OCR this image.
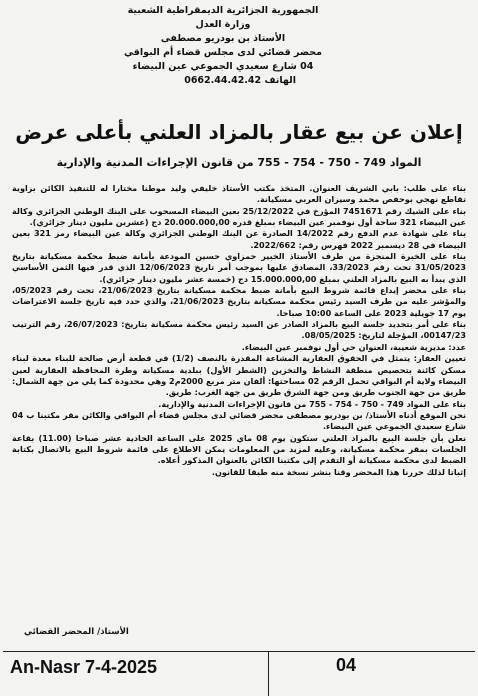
الجمهورية الجزائرية الديمقراطية الشعبية
وزارة العدل
الأستاذ بن بودريو مصطفى
محضر قضائي لدى مجلس قضاء أم البواقي
04 شارع سعيدي الجموعي عين البيضاء
الهاتف 0662.44.42.42
إعلان عن بيع عقار بالمزاد العلني بأعلى عرض
المواد 749 - 750 - 754 - 755 من قانون الإجراءات المدنية والإدارية

بناء على طلب: بابي الشريف العنوان. المتخذ مكتب الأستاذ خليفي وليد موطنا مختارا له للتنفيذ الكائن بزاوية تقاطع نهجي بوحفص محمد وسيزان العربي مسكيانة.

بناء على الشيك رقم 7451671 المؤرخ في 25/12/2022 بعين البيضاء المسحوب على البنك الوطني الجزائري وكالة عين البيضاء 321 ساحة أول نوفمبر عين البيضاء بمبلغ قدره 20.000.000,00 دج (عشرين مليون دينار جزائري).

بناء على شهادة عدم الدفع رقم 14/2022 الصادرة عن البنك الوطني الجزائري وكالة عين البيضاء رمز 321 بعين البيضاء في 28 ديسمبر 2022 فهرس رقم: 2022/662.

بناء على الخبرة المنجزة من طرف الأستاذ الخبير حمزاوي حسين المودعة بأمانة ضبط محكمة مسكيانة بتاريخ 31/05/2023 تحت رقم 33/2023، المصادق عليها بموجب أمر تاريخ 12/06/2023 الذي قدر فيها الثمن الأساسي الذي يبدأ به البيع بالمزاد العلني بمبلغ 15.000.000,00 دج (خمسة عشر مليون دينار جزائري).

بناء على محضر إيداع قائمة شروط البيع بأمانة ضبط محكمة مسكيانة بتاريخ 21/06/2023، تحت رقم 05/2023، والمؤشر عليه من طرف السيد رئيس محكمة مسكيانة بتاريخ 21/06/2023، والذي حدد فيه تاريخ جلسة الاعتراضات يوم 17 جويلية 2023 على الساعة 10:00 صباحا.

بناء على أمر بتحديد جلسة البيع بالمزاد الصادر عن السيد رئيس محكمة مسكيانة بتاريخ: 26/07/2023، رقم الترتيب 00147/23، المؤجلة لتاريخ: 08/05/2025.

عدد: مديرية شعيبة، العنوان حي أول نوفمبر عين البيضاء.

تعيين العقار: يتمثل في الحقوق العقارية المشاعة المقدرة بالنصف (1/2) في قطعة أرض صالحة للبناء معدة لبناء مسكن كائنة بتحصيص منطقة النشاط والتخزين (الشطر الأول) ببلدية مسكيانة وطرة المحافظة العقارية لعين البيضاء ولاية أم البواقي تحمل الرقم 02 مساحتها: ألفان متر مربع 2000م2 وهي محدودة كما يلي من جهة الشمال: طريق من جهة الجنوب طريق ومن جهة الشرق طريق من جهة الغرب: طريق.

بناء على المواد 749 - 750 - 754 - 755 من قانون الإجراءات المدنية والإدارية.

نحن الموقع أدناه الأستاذ/ بن بودريو مصطفى محضر قضائي لدى مجلس قضاء أم البواقي والكائن مقر مكتبنا ب 04 شارع سعيدي الجموعي عين البيضاء.

نعلن بأن جلسة البيع بالمزاد العلني ستكون يوم 08 ماي 2025 على الساعة الحادية عشر صباحا (11.00) بقاعة الجلسات بمقر محكمة مسكيانة، وعليه لمزيد من المعلومات يمكن الاطلاع على قائمة شروط البيع بالاتصال بكتابة الضبط لدى محكمة مسكيانة أو التقدم إلى مكتبنا الكائن بالعنوان المذكور أعلاه.

إثباتا لذلك حررنا هذا المحضر وقنا بنشر نسخة منه طبقا للقانون.

الأستاذ/ المحضر القضائي
An-Nasr 7-4-2025	04
